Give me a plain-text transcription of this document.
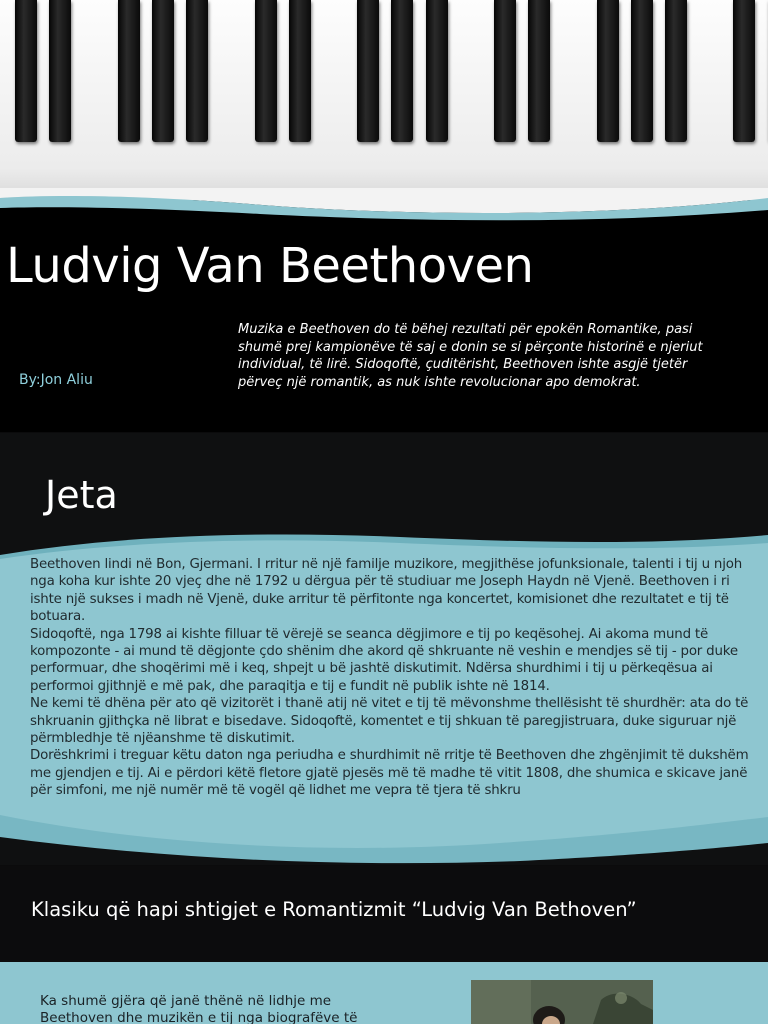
Ludvig Van Beethoven
By:Jon Aliu
Muzika e Beethoven do të bëhej rezultati për epokën Romantike, pasi shumë prej kampionëve të saj e donin se si përçonte historinë e njeriut individual, të lirë. Sidoqoftë, çuditërisht, Beethoven ishte asgjë tjetër përveç një romantik, as nuk ishte revolucionar apo demokrat.
Jeta

Beethoven lindi në Bon, Gjermani. I rritur në një familje muzikore, megjithëse jofunksionale, talenti i tij u njoh nga koha kur ishte 20 vjeç dhe në 1792 u dërgua për të studiuar me Joseph Haydn në Vjenë. Beethoven i ri ishte një sukses i madh në Vjenë, duke arritur të përfitonte nga koncertet, komisionet dhe rezultatet e tij të botuara.

Sidoqoftë, nga 1798 ai kishte filluar të vërejë se seanca dëgjimore e tij po keqësohej. Ai akoma mund të kompozonte - ai mund të dëgjonte çdo shënim dhe akord që shkruante në veshin e mendjes së tij - por duke performuar, dhe shoqërimi më i keq, shpejt u bë jashtë diskutimit. Ndërsa shurdhimi i tij u përkeqësua ai performoi gjithnjë e më pak, dhe paraqitja e tij e fundit në publik ishte në 1814.

Ne kemi të dhëna për ato që vizitorët i thanë atij në vitet e tij të mëvonshme thellësisht të shurdhër: ata do të shkruanin gjithçka në librat e bisedave. Sidoqoftë, komentet e tij shkuan të paregjistruara, duke siguruar një përmbledhje të njëanshme të diskutimit.

Dorëshkrimi i treguar këtu daton nga periudha e shurdhimit në rritje të Beethoven dhe zhgënjimit të dukshëm me gjendjen e tij. Ai e përdori këtë fletore gjatë pjesës më të madhe të vitit 1808, dhe shumica e skicave janë për simfoni, me një numër më të vogël që lidhet me vepra të tjera të shkru

Klasiku që hapi shtigjet e Romantizmit “Ludvig Van Bethoven”

Ka shumë gjëra që janë thënë në lidhje me

Beethoven dhe muzikën e tij nga biografëve të
